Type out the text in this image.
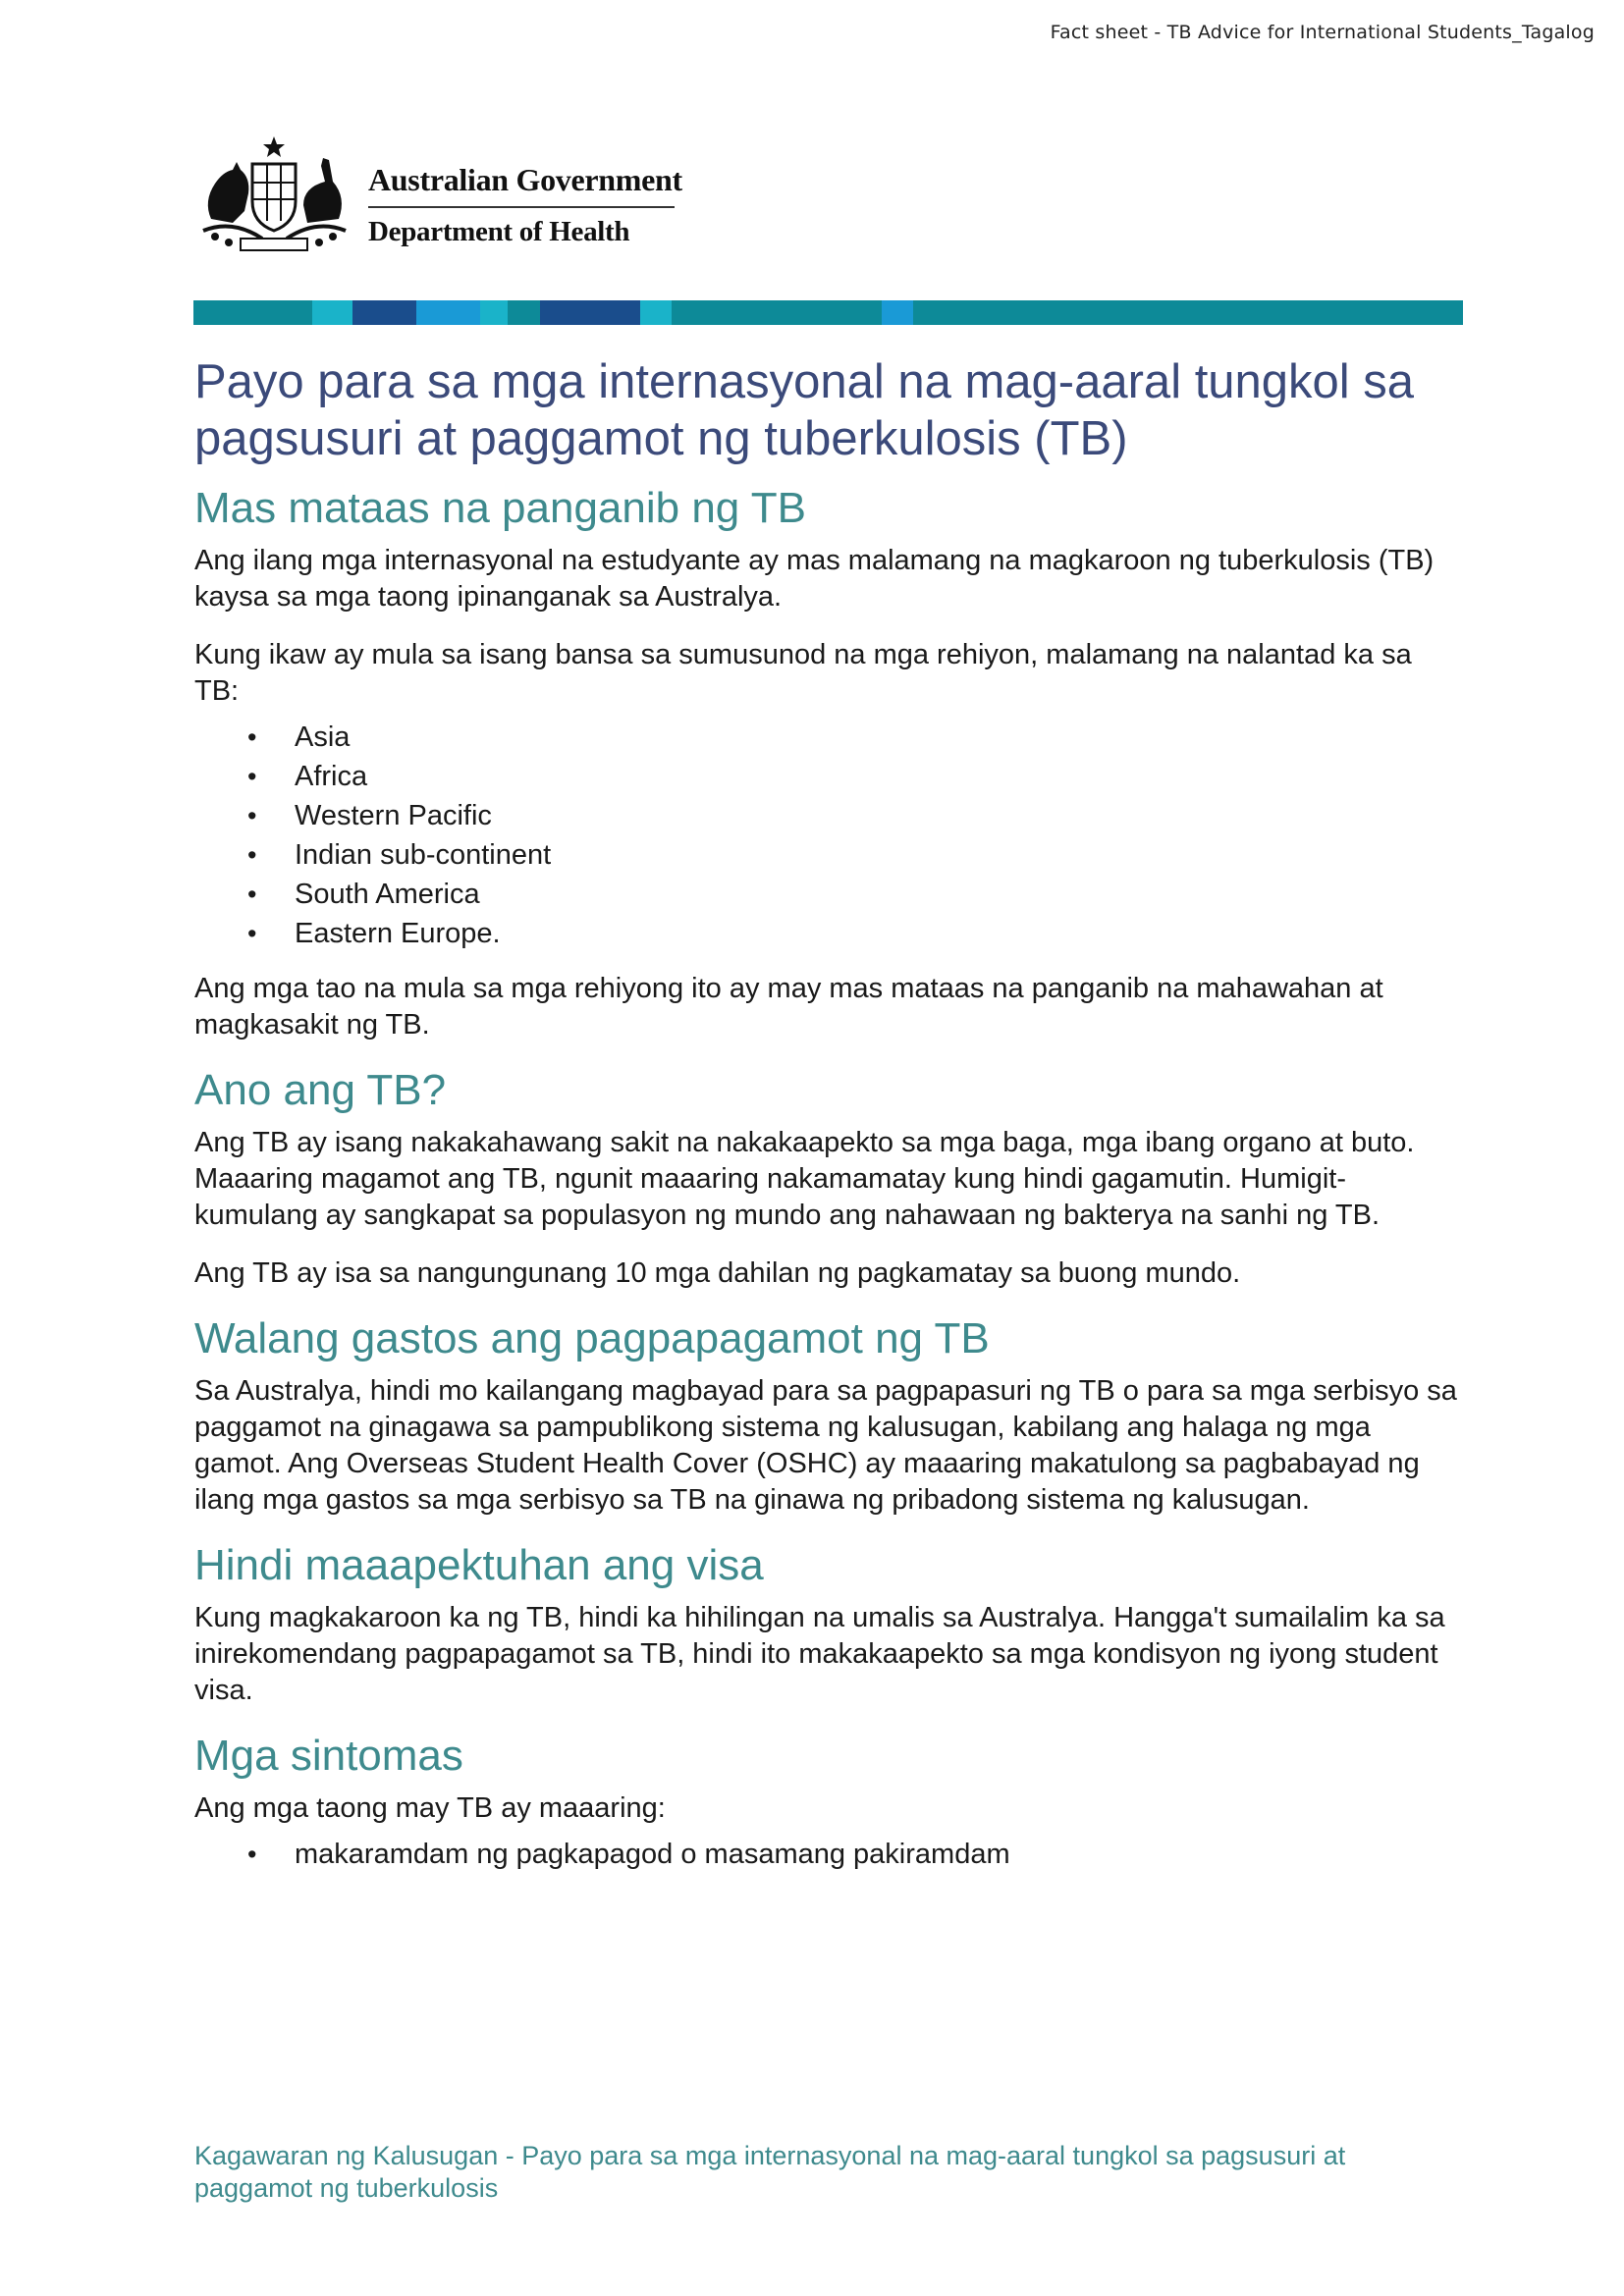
Fact sheet - TB Advice for International Students_Tagalog
Australian Government
Department of Health
Payo para sa mga internasyonal na mag-aaral tungkol sa pagsusuri at paggamot ng tuberkulosis (TB)
Mas mataas na panganib ng TB

Ang ilang mga internasyonal na estudyante ay mas malamang na magkaroon ng tuberkulosis (TB) kaysa sa mga taong ipinanganak sa Australya.

Kung ikaw ay mula sa isang bansa sa sumusunod na mga rehiyon, malamang na nalantad ka sa TB:

• Asia
• Africa
• Western Pacific
• Indian sub-continent
• South America
• Eastern Europe.

Ang mga tao na mula sa mga rehiyong ito ay may mas mataas na panganib na mahawahan at magkasakit ng TB.

Ano ang TB?

Ang TB ay isang nakakahawang sakit na nakakaapekto sa mga baga, mga ibang organo at buto. Maaaring magamot ang TB, ngunit maaaring nakamamatay kung hindi gagamutin. Humigit-kumulang ay sangkapat sa populasyon ng mundo ang nahawaan ng bakterya na sanhi ng TB.

Ang TB ay isa sa nangungunang 10 mga dahilan ng pagkamatay sa buong mundo.

Walang gastos ang pagpapagamot ng TB

Sa Australya, hindi mo kailangang magbayad para sa pagpapasuri ng TB o para sa mga serbisyo sa paggamot na ginagawa sa pampublikong sistema ng kalusugan, kabilang ang halaga ng mga gamot. Ang Overseas Student Health Cover (OSHC) ay maaaring makatulong sa pagbabayad ng ilang mga gastos sa mga serbisyo sa TB na ginawa ng pribadong sistema ng kalusugan.

Hindi maaapektuhan ang visa

Kung magkakaroon ka ng TB, hindi ka hihilingan na umalis sa Australya. Hangga't sumailalim ka sa inirekomendang pagpapagamot sa TB, hindi ito makakaapekto sa mga kondisyon ng iyong student visa.

Mga sintomas

Ang mga taong may TB ay maaaring:

• makaramdam ng pagkapagod o masamang pakiramdam
Kagawaran ng Kalusugan - Payo para sa mga internasyonal na mag-aaral tungkol sa pagsusuri at paggamot ng tuberkulosis
